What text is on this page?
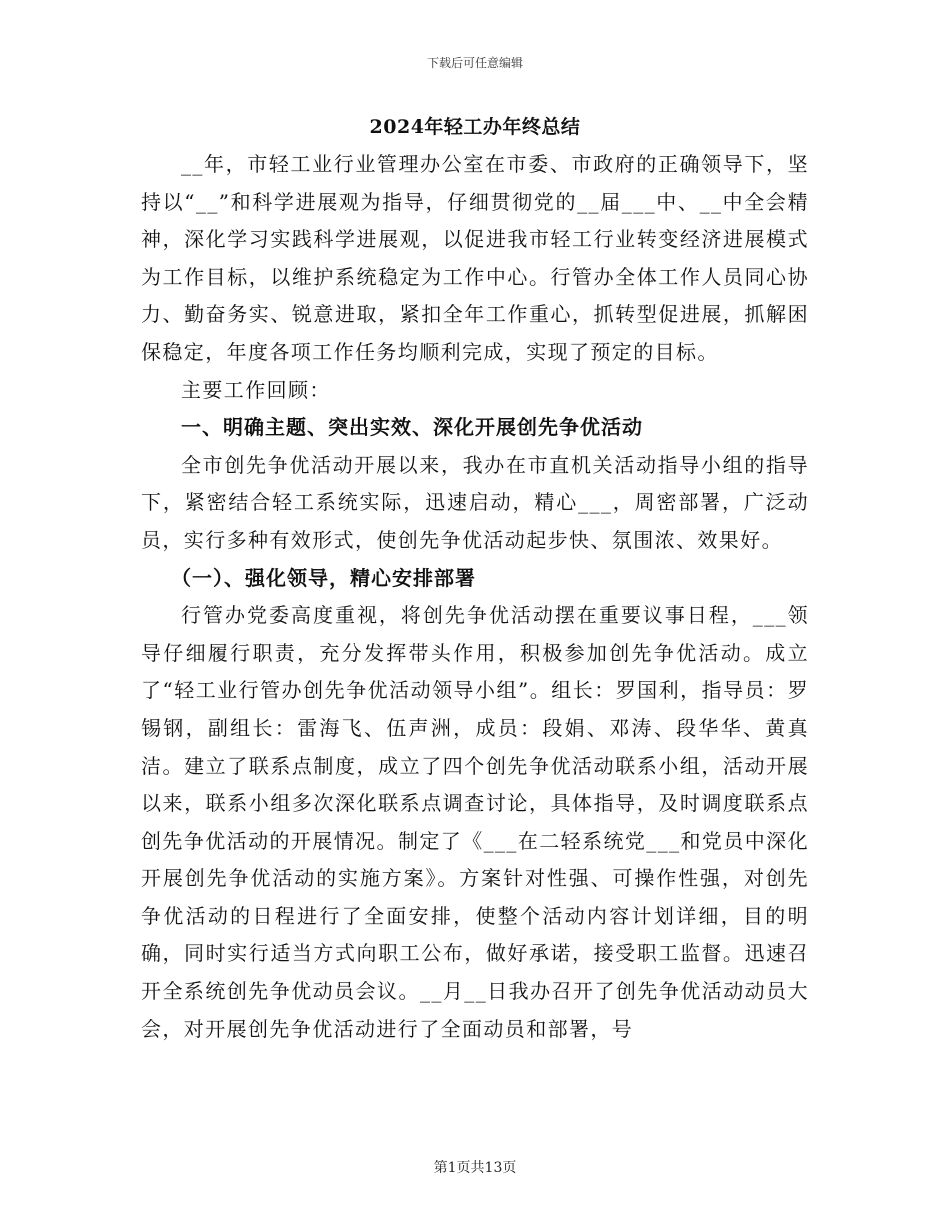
下载后可任意编辑
2024年轻工办年终总结

__年，市轻工业行业管理办公室在市委、市政府的正确领导下，坚持以“__”和科学进展观为指导，仔细贯彻党的__届___中、__中全会精神，深化学习实践科学进展观，以促进我市轻工行业转变经济进展模式为工作目标，以维护系统稳定为工作中心。行管办全体工作人员同心协力、勤奋务实、锐意进取，紧扣全年工作重心，抓转型促进展，抓解困保稳定，年度各项工作任务均顺利完成，实现了预定的目标。

主要工作回顾：

一、明确主题、突出实效、深化开展创先争优活动

全市创先争优活动开展以来，我办在市直机关活动指导小组的指导下，紧密结合轻工系统实际，迅速启动，精心___，周密部署，广泛动员，实行多种有效形式，使创先争优活动起步快、氛围浓、效果好。

（一）、强化领导，精心安排部署

行管办党委高度重视，将创先争优活动摆在重要议事日程，___领导仔细履行职责，充分发挥带头作用，积极参加创先争优活动。成立了“轻工业行管办创先争优活动领导小组”。组长：罗国利，指导员：罗锡钢，副组长：雷海飞、伍声洲，成员：段娟、邓涛、段华华、黄真洁。建立了联系点制度，成立了四个创先争优活动联系小组，活动开展以来，联系小组多次深化联系点调查讨论，具体指导，及时调度联系点创先争优活动的开展情况。制定了《___在二轻系统党___和党员中深化开展创先争优活动的实施方案》。方案针对性强、可操作性强，对创先争优活动的日程进行了全面安排，使整个活动内容计划详细，目的明确，同时实行适当方式向职工公布，做好承诺，接受职工监督。迅速召开全系统创先争优动员会议。__月__日我办召开了创先争优活动动员大会，对开展创先争优活动进行了全面动员和部署，号

第1页共13页
